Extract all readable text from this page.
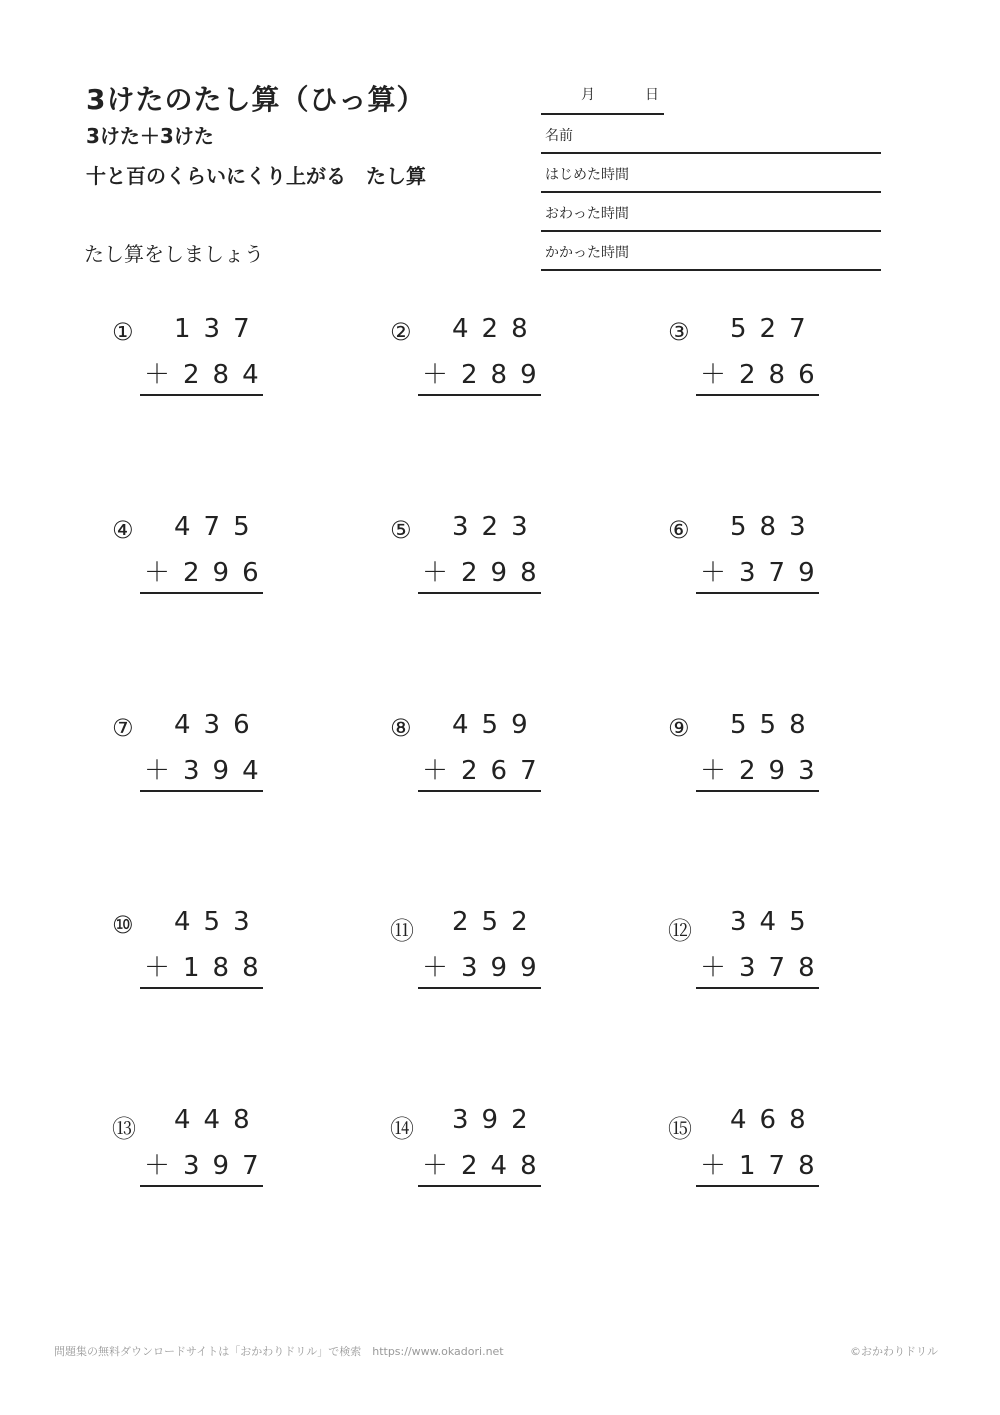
3けたのたし算（ひっ算）
3けた＋3けた
十と百のくらいにくり上がる　たし算
たし算をしましょう
月	日
名前
はじめた時間
おわった時間
かかった時間
① 137
＋284
② 428
＋289
③ 527
＋286
④ 475
＋296
⑤ 323
＋298
⑥ 583
＋379
⑦ 436
＋394
⑧ 459
＋267
⑨ 558
＋293
⑩ 453
＋188
⑪ 252
＋399
⑫ 345
＋378
⑬ 448
＋397
⑭ 392
＋248
⑮ 468
＋178
問題集の無料ダウンロードサイトは「おかわりドリル」で検索　https://www.okadori.net	©おかわりドリル
